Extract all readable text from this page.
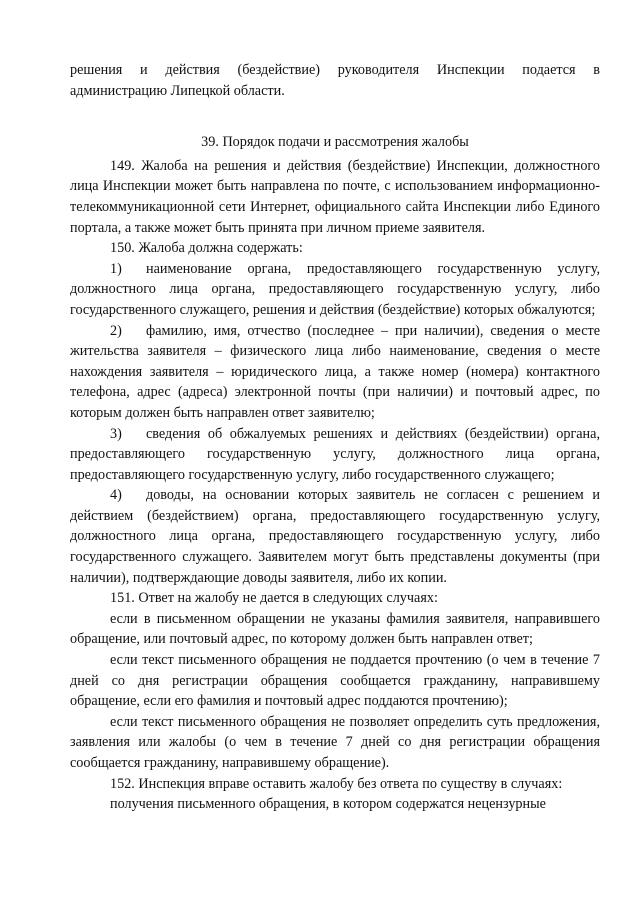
решения и действия (бездействие) руководителя Инспекции подается в администрацию Липецкой области.

39. Порядок подачи и рассмотрения жалобы

149. Жалоба на решения и действия (бездействие) Инспекции, должностного лица Инспекции может быть направлена по почте, с использованием информационно-телекоммуникационной сети Интернет, официального сайта Инспекции либо Единого портала, а также может быть принята при личном приеме заявителя.

150. Жалоба должна содержать:

1) наименование органа, предоставляющего государственную услугу, должностного лица органа, предоставляющего государственную услугу, либо государственного служащего, решения и действия (бездействие) которых обжалуются;

2) фамилию, имя, отчество (последнее – при наличии), сведения о месте жительства заявителя – физического лица либо наименование, сведения о месте нахождения заявителя – юридического лица, а также номер (номера) контактного телефона, адрес (адреса) электронной почты (при наличии) и почтовый адрес, по которым должен быть направлен ответ заявителю;

3) сведения об обжалуемых решениях и действиях (бездействии) органа, предоставляющего государственную услугу, должностного лица органа, предоставляющего государственную услугу, либо государственного служащего;

4) доводы, на основании которых заявитель не согласен с решением и действием (бездействием) органа, предоставляющего государственную услугу, должностного лица органа, предоставляющего государственную услугу, либо государственного служащего. Заявителем могут быть представлены документы (при наличии), подтверждающие доводы заявителя, либо их копии.

151. Ответ на жалобу не дается в следующих случаях:

если в письменном обращении не указаны фамилия заявителя, направившего обращение, или почтовый адрес, по которому должен быть направлен ответ;

если текст письменного обращения не поддается прочтению (о чем в течение 7 дней со дня регистрации обращения сообщается гражданину, направившему обращение, если его фамилия и почтовый адрес поддаются прочтению);

если текст письменного обращения не позволяет определить суть предложения, заявления или жалобы (о чем в течение 7 дней со дня регистрации обращения сообщается гражданину, направившему обращение).

152. Инспекция вправе оставить жалобу без ответа по существу в случаях:

получения письменного обращения, в котором содержатся нецензурные
